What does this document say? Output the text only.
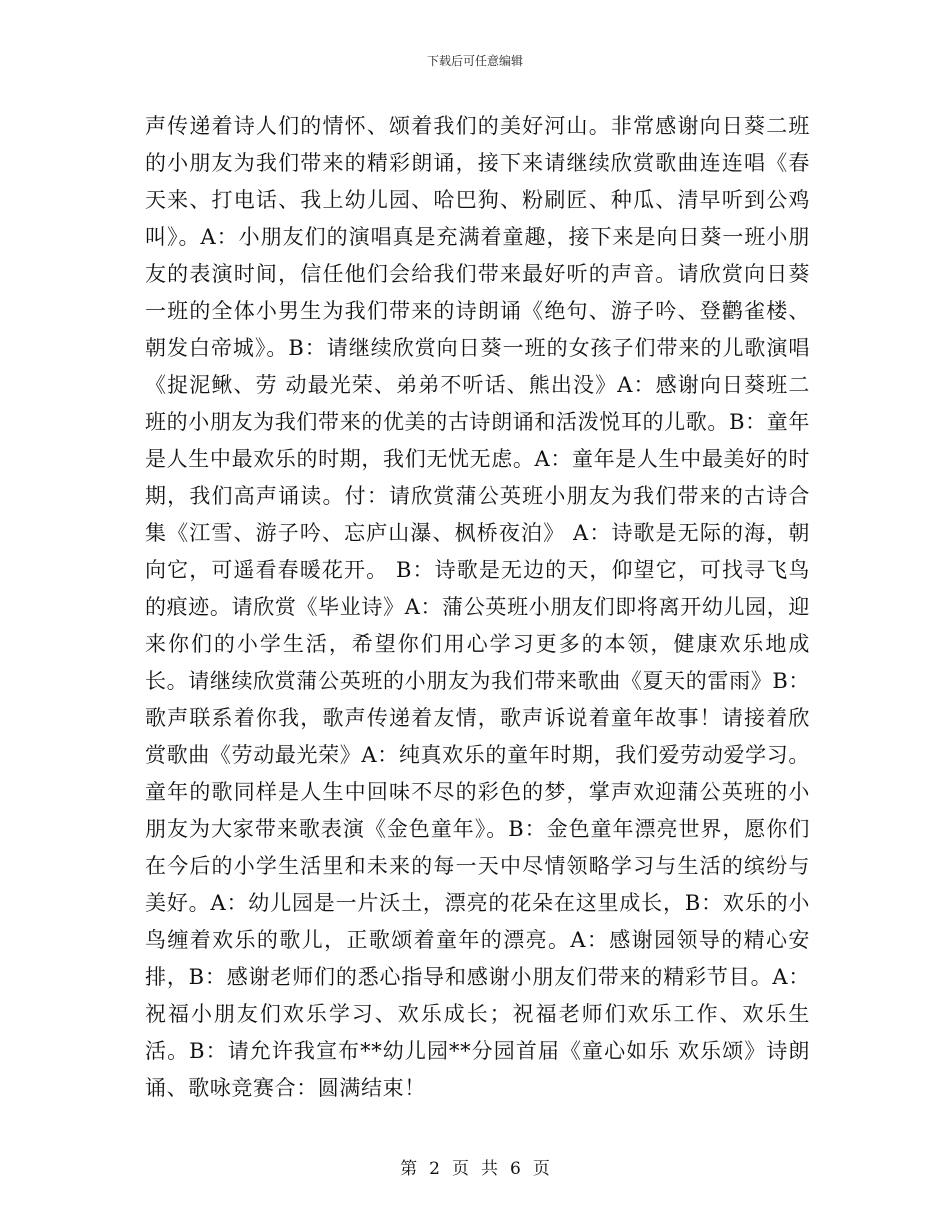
下载后可任意编辑

声传递着诗人们的情怀、颂着我们的美好河山。非常感谢向日葵二班的小朋友为我们带来的精彩朗诵，接下来请继续欣赏歌曲连连唱《春天来、打电话、我上幼儿园、哈巴狗、粉刷匠、种瓜、清早听到公鸡叫》。A：小朋友们的演唱真是充满着童趣，接下来是向日葵一班小朋友的表演时间，信任他们会给我们带来最好听的声音。请欣赏向日葵一班的全体小男生为我们带来的诗朗诵《绝句、游子吟、登鹳雀楼、朝发白帝城》。B：请继续欣赏向日葵一班的女孩子们带来的儿歌演唱《捉泥鳅、劳 动最光荣、弟弟不听话、熊出没》A：感谢向日葵班二班的小朋友为我们带来的优美的古诗朗诵和活泼悦耳的儿歌。B：童年是人生中最欢乐的时期，我们无忧无虑。A：童年是人生中最美好的时期，我们高声诵读。付：请欣赏蒲公英班小朋友为我们带来的古诗合集《江雪、游子吟、忘庐山瀑、枫桥夜泊》 A：诗歌是无际的海，朝向它，可遥看春暖花开。 B：诗歌是无边的天，仰望它，可找寻飞鸟的痕迹。请欣赏《毕业诗》A：蒲公英班小朋友们即将离开幼儿园，迎来你们的小学生活，希望你们用心学习更多的本领，健康欢乐地成长。请继续欣赏蒲公英班的小朋友为我们带来歌曲《夏天的雷雨》B：歌声联系着你我，歌声传递着友情，歌声诉说着童年故事！请接着欣赏歌曲《劳动最光荣》A：纯真欢乐的童年时期，我们爱劳动爱学习。童年的歌同样是人生中回味不尽的彩色的梦，掌声欢迎蒲公英班的小朋友为大家带来歌表演《金色童年》。B：金色童年漂亮世界，愿你们在今后的小学生活里和未来的每一天中尽情领略学习与生活的缤纷与美好。A：幼儿园是一片沃土，漂亮的花朵在这里成长，B：欢乐的小鸟缠着欢乐的歌儿，正歌颂着童年的漂亮。A：感谢园领导的精心安排，B：感谢老师们的悉心指导和感谢小朋友们带来的精彩节目。A：祝福小朋友们欢乐学习、欢乐成长；祝福老师们欢乐工作、欢乐生活。B：请允许我宣布**幼儿园**分园首届《童心如乐 欢乐颂》诗朗诵、歌咏竞赛合：圆满结束！

第 2 页 共 6 页
